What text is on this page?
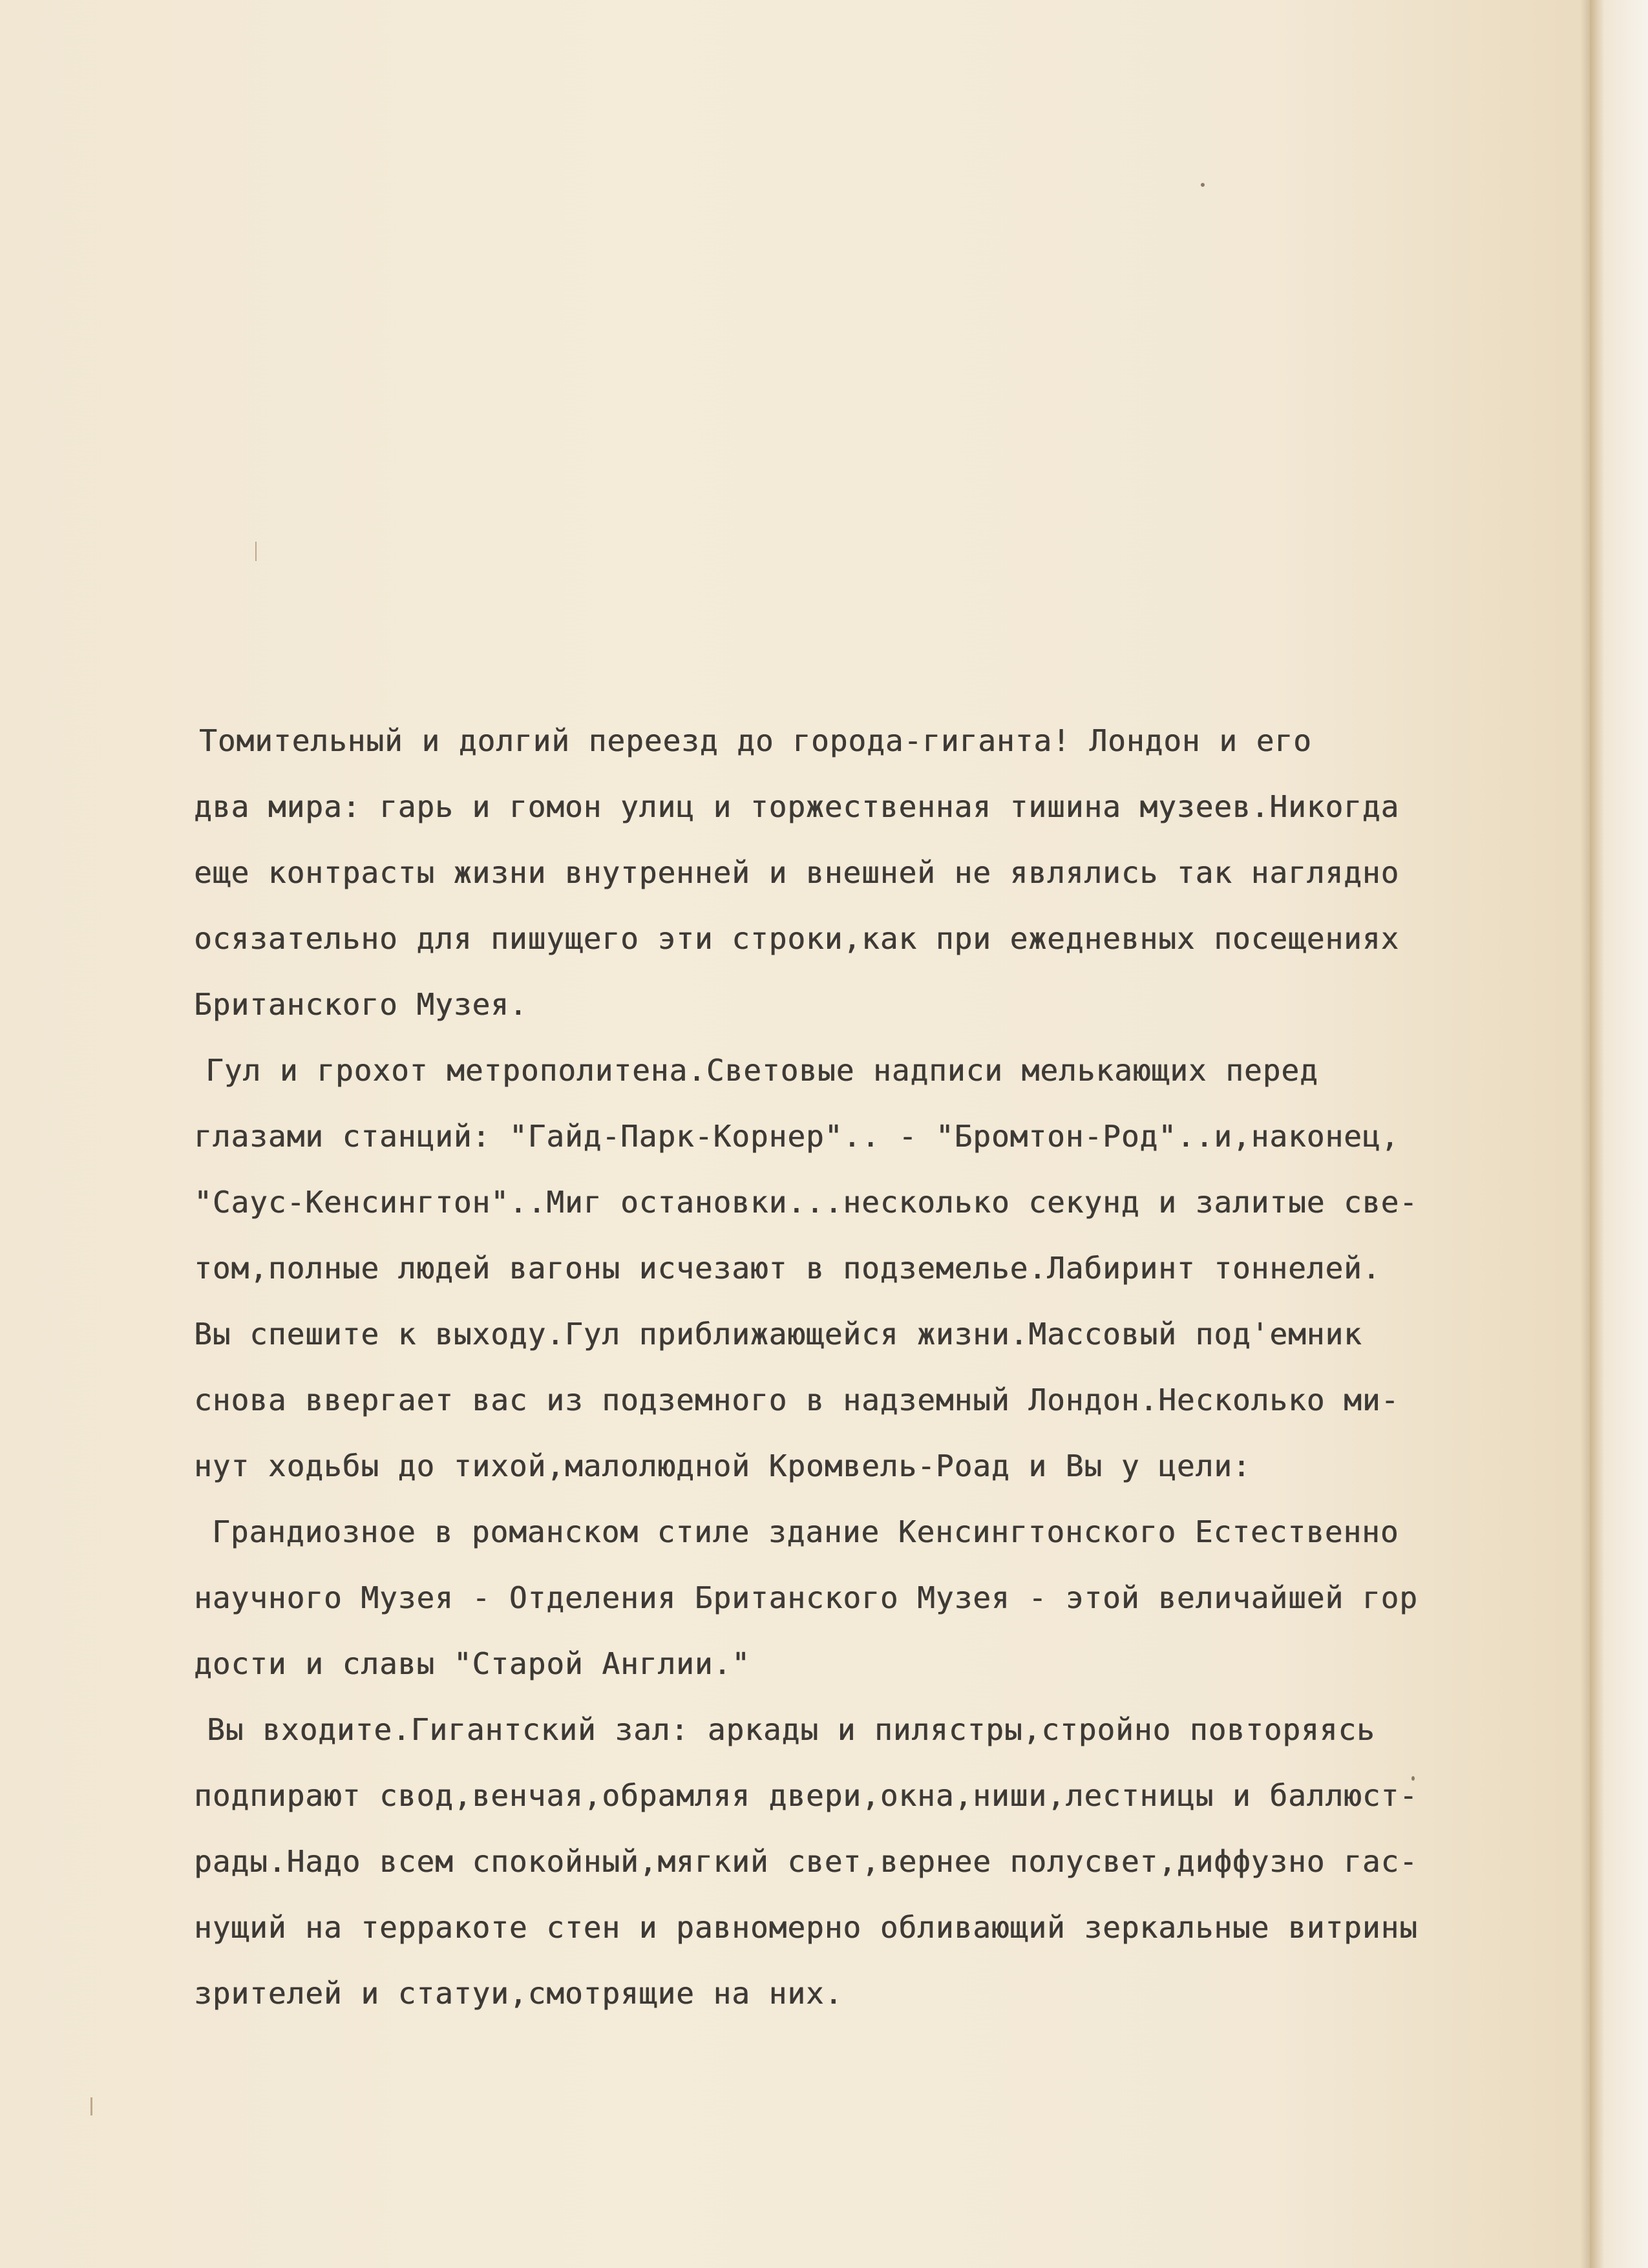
Томительный и долгий переезд до города-гиганта! Лондон и его
два мира: гарь и гомон улиц и торжественная тишина музеев.Никогда
еще контрасты жизни внутренней и внешней не являлись так наглядно
осязательно для пишущего эти строки,как при ежедневных посещениях
Британского Музея.
Гул и грохот метрополитена.Световые надписи мелькающих перед
глазами станций: "Гайд-Парк-Корнер".. - "Бромтон-Род"..и,наконец,
"Саус-Кенсингтон"..Миг остановки...несколько секунд и залитые све-
том,полные людей вагоны исчезают в подземелье.Лабиринт тоннелей.
Вы спешите к выходу.Гул приближающейся жизни.Массовый под'емник
снова ввергает вас из подземного в надземный Лондон.Несколько ми-
нут ходьбы до тихой,малолюдной Кромвель-Роад и Вы у цели:
Грандиозное в романском стиле здание Кенсингтонского Естественно
научного Музея - Отделения Британского Музея - этой величайшей гор
дости и славы "Старой Англии."
Вы входите.Гигантский зал: аркады и пилястры,стройно повторяясь
подпирают свод,венчая,обрамляя двери,окна,ниши,лестницы и баллюст-
рады.Надо всем спокойный,мягкий свет,вернее полусвет,диффузно гас-
нущий на терракоте стен и равномерно обливающий зеркальные витрины
зрителей и статуи,смотрящие на них.
